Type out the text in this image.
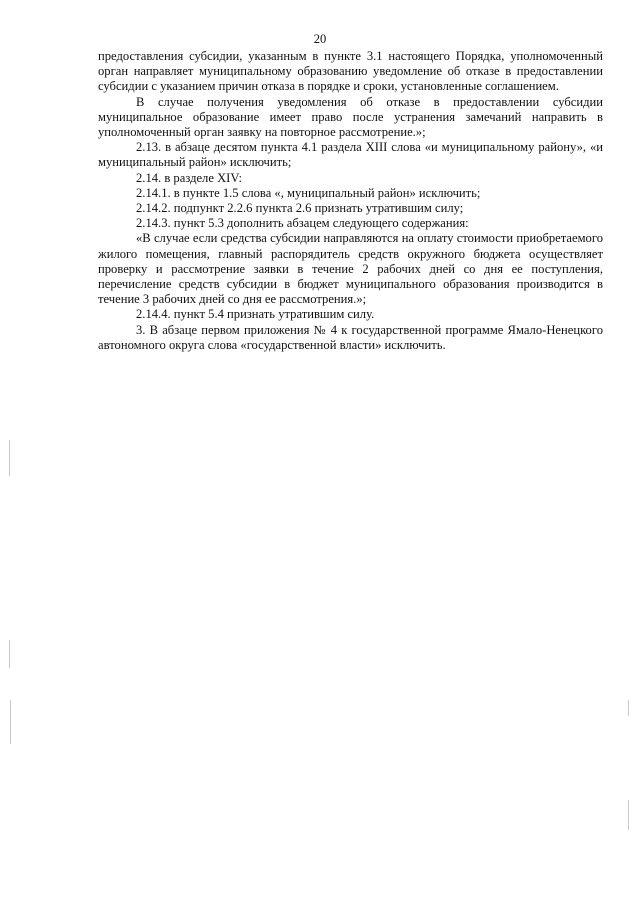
20

предоставления субсидии, указанным в пункте 3.1 настоящего Порядка, уполномоченный орган направляет муниципальному образованию уведомление об отказе в предоставлении субсидии с указанием причин отказа в порядке и сроки, установленные соглашением.

В случае получения уведомления об отказе в предоставлении субсидии муниципальное образование имеет право после устранения замечаний направить в уполномоченный орган заявку на повторное рассмотрение.»;

2.13. в абзаце десятом пункта 4.1 раздела XIII слова «и муниципальному району», «и муниципальный район» исключить;

2.14. в разделе XIV:

2.14.1. в пункте 1.5 слова «, муниципальный район» исключить;

2.14.2. подпункт 2.2.6 пункта 2.6 признать утратившим силу;

2.14.3. пункт 5.3 дополнить абзацем следующего содержания:

«В случае если средства субсидии направляются на оплату стоимости приобретаемого жилого помещения, главный распорядитель средств окружного бюджета осуществляет проверку и рассмотрение заявки в течение 2 рабочих дней со дня ее поступления, перечисление средств субсидии в бюджет муниципального образования производится в течение 3 рабочих дней со дня ее рассмотрения.»;

2.14.4. пункт 5.4 признать утратившим силу.

3. В абзаце первом приложения № 4 к государственной программе Ямало-Ненецкого автономного округа слова «государственной власти» исключить.
